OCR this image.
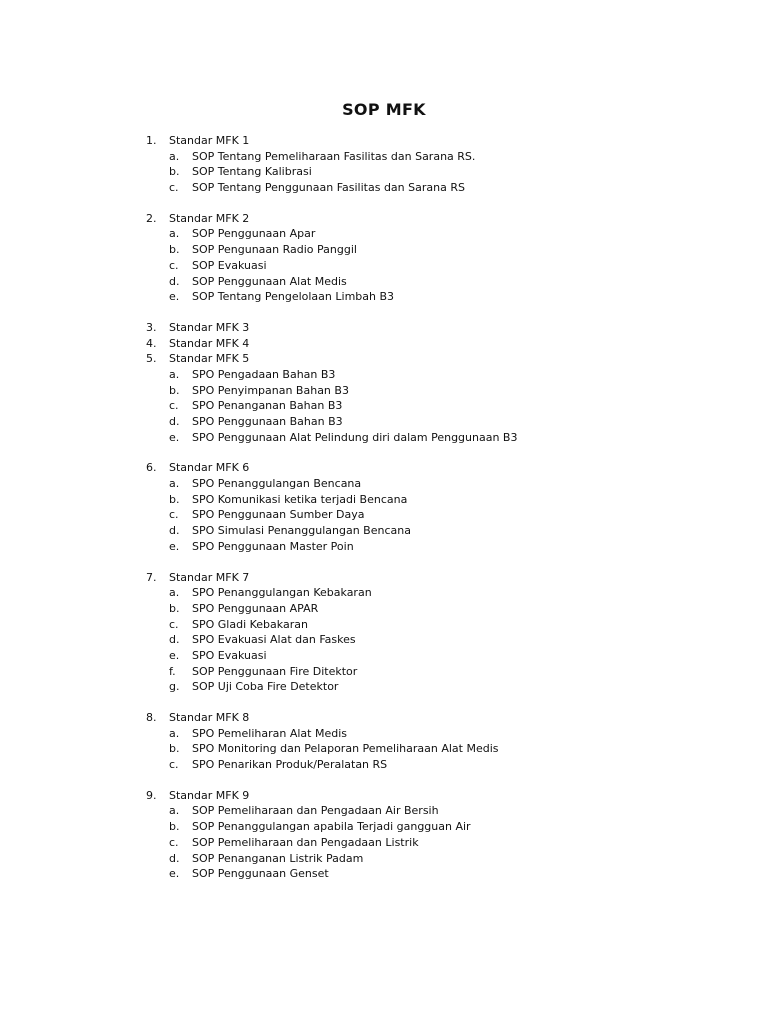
SOP MFK
1. Standar MFK 1
a. SOP Tentang Pemeliharaan Fasilitas dan Sarana RS.
b. SOP Tentang Kalibrasi
c. SOP Tentang Penggunaan Fasilitas dan Sarana RS
2. Standar MFK 2
a. SOP Penggunaan Apar
b. SOP Pengunaan Radio Panggil
c. SOP Evakuasi
d. SOP Penggunaan Alat Medis
e. SOP Tentang Pengelolaan Limbah B3
3. Standar MFK 3
4. Standar MFK 4
5. Standar MFK 5
a. SPO Pengadaan Bahan B3
b. SPO Penyimpanan Bahan B3
c. SPO Penanganan Bahan B3
d. SPO Penggunaan Bahan B3
e. SPO Penggunaan Alat Pelindung diri dalam Penggunaan B3
6. Standar MFK 6
a. SPO Penanggulangan Bencana
b. SPO Komunikasi ketika terjadi Bencana
c. SPO Penggunaan Sumber Daya
d. SPO Simulasi Penanggulangan Bencana
e. SPO Penggunaan Master Poin
7. Standar MFK 7
a. SPO Penanggulangan Kebakaran
b. SPO Penggunaan APAR
c. SPO Gladi Kebakaran
d. SPO Evakuasi Alat dan Faskes
e. SPO Evakuasi
f. SOP Penggunaan Fire Ditektor
g. SOP Uji Coba Fire Detektor
8. Standar MFK 8
a. SPO Pemeliharan Alat Medis
b. SPO Monitoring dan Pelaporan Pemeliharaan Alat Medis
c. SPO Penarikan Produk/Peralatan RS
9. Standar MFK 9
a. SOP Pemeliharaan dan Pengadaan Air Bersih
b. SOP Penanggulangan apabila Terjadi gangguan Air
c. SOP Pemeliharaan dan Pengadaan Listrik
d. SOP Penanganan Listrik Padam
e. SOP Penggunaan Genset
